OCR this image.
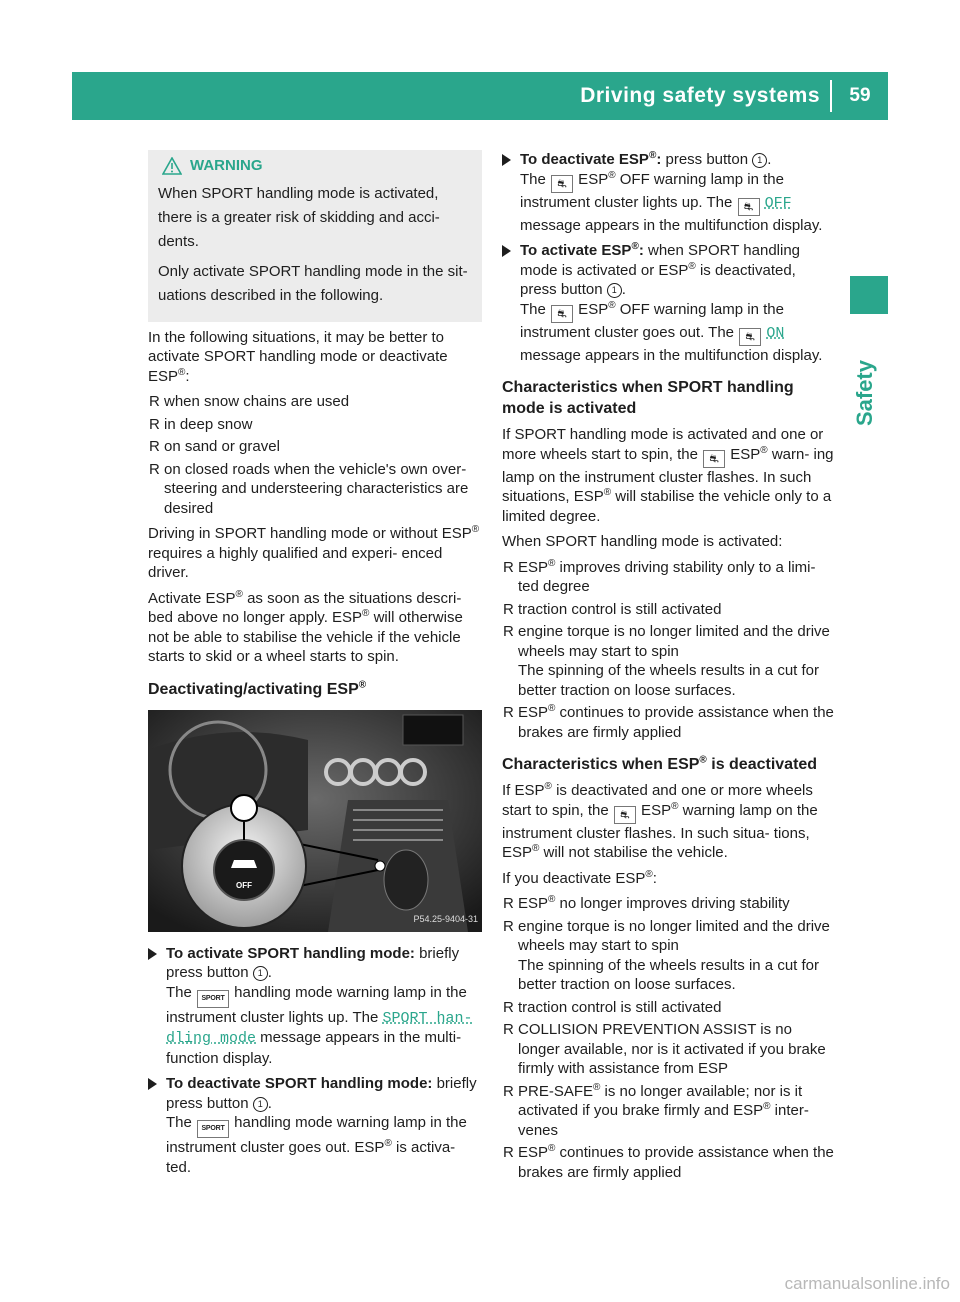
Driving safety systems	59
Safety
WARNING

When SPORT handling mode is activated, there is a greater risk of skidding and acci- dents.

Only activate SPORT handling mode in the sit- uations described in the following.

In the following situations, it may be better to activate SPORT handling mode or deactivate ESP®:

R when snow chains are used
R in deep snow
R on sand or gravel
R on closed roads when the vehicle's own over- steering and understeering characteristics are desired

Driving in SPORT handling mode or without ESP® requires a highly qualified and experi- enced driver.

Activate ESP® as soon as the situations descri- bed above no longer apply. ESP® will otherwise not be able to stabilise the vehicle if the vehicle starts to skid or a wheel starts to spin.

Deactivating/activating ESP®
OFF
P54.25-9404-31
To activate SPORT handling mode: briefly press button 1 .
The SPORT handling mode warning lamp in the instrument cluster lights up. The SPORT han- dling mode message appears in the multi- function display.
To deactivate SPORT handling mode: briefly press button 1 .
The SPORT handling mode warning lamp in the instrument cluster goes out. ESP® is activa- ted.
To deactivate ESP®: press button 1 .
The ⛐ ESP® OFF warning lamp in the instrument cluster lights up. The ⛐ OFF message appears in the multifunction display.
To activate ESP®: when SPORT handling mode is activated or ESP® is deactivated, press button 1 .
The ⛐ ESP® OFF warning lamp in the instrument cluster goes out. The ⛐ ON message appears in the multifunction display.
Characteristics when SPORT handling mode is activated

If SPORT handling mode is activated and one or more wheels start to spin, the ⛐ ESP® warn- ing lamp on the instrument cluster flashes. In such situations, ESP® will stabilise the vehicle only to a limited degree.

When SPORT handling mode is activated:

R ESP® improves driving stability only to a limi- ted degree
R traction control is still activated
R engine torque is no longer limited and the drive wheels may start to spin
The spinning of the wheels results in a cut for better traction on loose surfaces.
R ESP® continues to provide assistance when the brakes are firmly applied
Characteristics when ESP® is deactivated

If ESP® is deactivated and one or more wheels start to spin, the ⛐ ESP® warning lamp on the instrument cluster flashes. In such situa- tions, ESP® will not stabilise the vehicle.

If you deactivate ESP®:

R ESP® no longer improves driving stability
R engine torque is no longer limited and the drive wheels may start to spin
The spinning of the wheels results in a cut for better traction on loose surfaces.
R traction control is still activated
R COLLISION PREVENTION ASSIST is no longer available, nor is it activated if you brake firmly with assistance from ESP
R PRE-SAFE® is no longer available; nor is it activated if you brake firmly and ESP® inter- venes
R ESP® continues to provide assistance when the brakes are firmly applied
carmanualsonline.info
